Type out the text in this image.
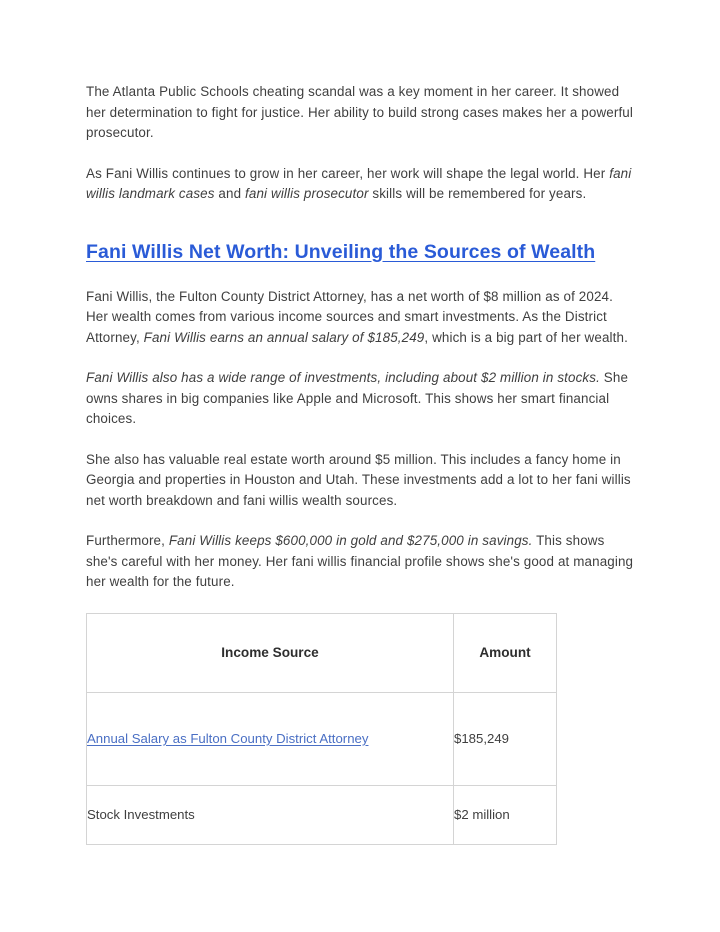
The Atlanta Public Schools cheating scandal was a key moment in her career. It showed her determination to fight for justice. Her ability to build strong cases makes her a powerful prosecutor.

As Fani Willis continues to grow in her career, her work will shape the legal world. Her fani willis landmark cases and fani willis prosecutor skills will be remembered for years.

Fani Willis Net Worth: Unveiling the Sources of Wealth

Fani Willis, the Fulton County District Attorney, has a net worth of $8 million as of 2024. Her wealth comes from various income sources and smart investments. As the District Attorney, Fani Willis earns an annual salary of $185,249, which is a big part of her wealth.

Fani Willis also has a wide range of investments, including about $2 million in stocks. She owns shares in big companies like Apple and Microsoft. This shows her smart financial choices.

She also has valuable real estate worth around $5 million. This includes a fancy home in Georgia and properties in Houston and Utah. These investments add a lot to her fani willis net worth breakdown and fani willis wealth sources.

Furthermore, Fani Willis keeps $600,000 in gold and $275,000 in savings. This shows she's careful with her money. Her fani willis financial profile shows she's good at managing her wealth for the future.

Income Source	Amount
Annual Salary as Fulton County District Attorney	$185,249
Stock Investments	$2 million
